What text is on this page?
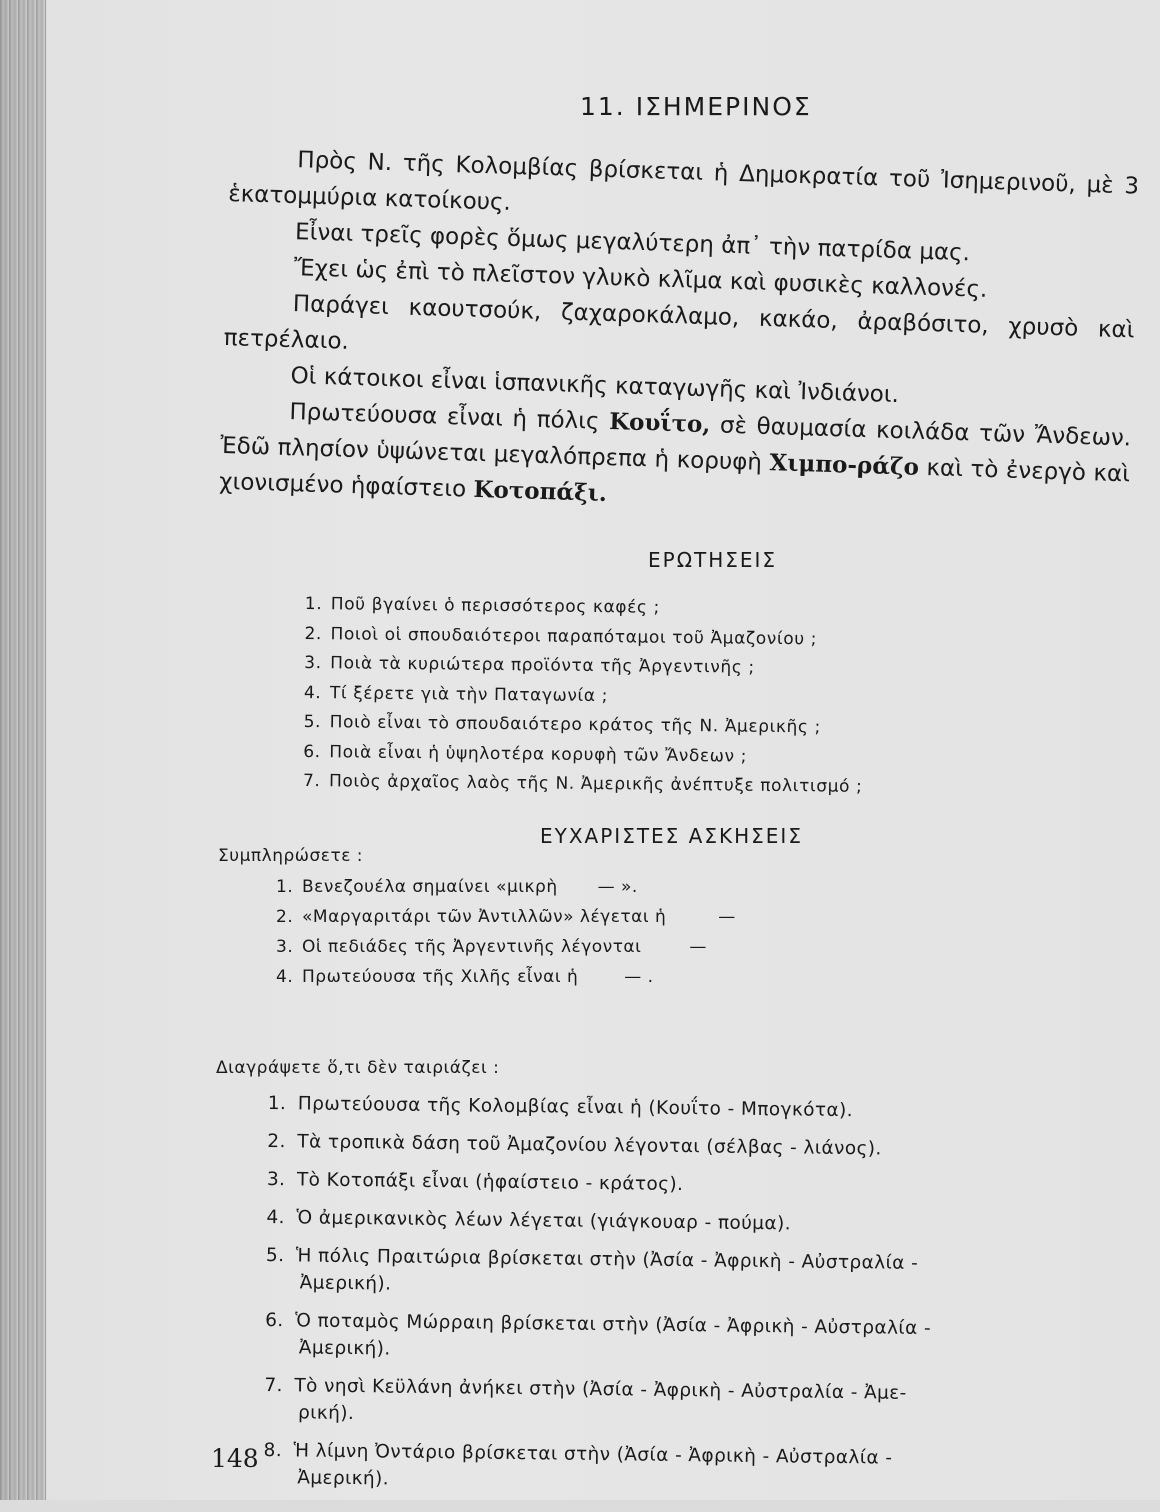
11. ΙΣΗΜΕΡΙΝΟΣ

Πρὸς Ν. τῆς Κολομβίας βρίσκεται ἡ Δημοκρατία τοῦ Ἰσημερινοῦ, μὲ 3 ἑκατομμύρια κατοίκους.

Εἶναι τρεῖς φορὲς ὅμως μεγαλύτερη ἀπ᾽ τὴν πατρίδα μας.

Ἔχει ὡς ἐπὶ τὸ πλεῖστον γλυκὸ κλῖμα καὶ φυσικὲς καλλονές.

Παράγει καουτσούκ, ζαχαροκάλαμο, κακάο, ἀραβόσιτο, χρυσὸ καὶ πετρέλαιο.

Οἱ κάτοικοι εἶναι ἱσπανικῆς καταγωγῆς καὶ Ἰνδιάνοι.

Πρωτεύουσα εἶναι ἡ πόλις Κουΐτο, σὲ θαυμασία κοιλάδα τῶν Ἄνδεων. Ἐδῶ πλησίον ὑψώνεται μεγαλόπρεπα ἡ κορυφὴ Χιμπο-ράζο καὶ τὸ ἐνεργὸ καὶ χιονισμένο ἡφαίστειο Κοτοπάξι.

ΕΡΩΤΗΣΕΙΣ
1. Ποῦ βγαίνει ὁ περισσότερος καφές ;
2. Ποιοὶ οἱ σπουδαιότεροι παραπόταμοι τοῦ Ἀμαζονίου ;
3. Ποιὰ τὰ κυριώτερα προϊόντα τῆς Ἀργεντινῆς ;
4. Τί ξέρετε γιὰ τὴν Παταγωνία ;
5. Ποιὸ εἶναι τὸ σπουδαιότερο κράτος τῆς Ν. Ἀμερικῆς ;
6. Ποιὰ εἶναι ἡ ὑψηλοτέρα κορυφὴ τῶν Ἄνδεων ;
7. Ποιὸς ἀρχαῖος λαὸς τῆς Ν. Ἀμερικῆς ἀνέπτυξε πολιτισμό ;
ΕΥΧΑΡΙΣΤΕΣ ΑΣΚΗΣΕΙΣ
Συμπληρώσετε :
1. Βενεζουέλα σημαίνει «μικρὴ — ».
2. «Μαργαριτάρι τῶν Ἀντιλλῶν» λέγεται ἡ	—
3. Οἱ πεδιάδες τῆς Ἀργεντινῆς λέγονται	—
4. Πρωτεύουσα τῆς Χιλῆς εἶναι ἡ	— .
Διαγράψετε ὅ,τι δὲν ταιριάζει :
1. Πρωτεύουσα τῆς Κολομβίας εἶναι ἡ (Κουΐτο - Μπογκότα).
2. Τὰ τροπικὰ δάση τοῦ Ἀμαζονίου λέγονται (σέλβας - λιάνος).
3. Τὸ Κοτοπάξι εἶναι (ἡφαίστειο - κράτος).
4. Ὁ ἀμερικανικὸς λέων λέγεται (γιάγκουαρ - πούμα).
5. Ἡ πόλις Πραιτώρια βρίσκεται στὴν (Ἀσία - Ἀφρικὴ - Αὐστραλία -
Ἀμερική).
6. Ὁ ποταμὸς Μώρραιη βρίσκεται στὴν (Ἀσία - Ἀφρικὴ - Αὐστραλία -
Ἀμερική).
7. Τὸ νησὶ Κεϋλάνη ἀνήκει στὴν (Ἀσία - Ἀφρικὴ - Αὐστραλία - Ἀμε-
ρική).
8. Ἡ λίμνη Ὀντάριο βρίσκεται στὴν (Ἀσία - Ἀφρικὴ - Αὐστραλία -
Ἀμερική).
148
